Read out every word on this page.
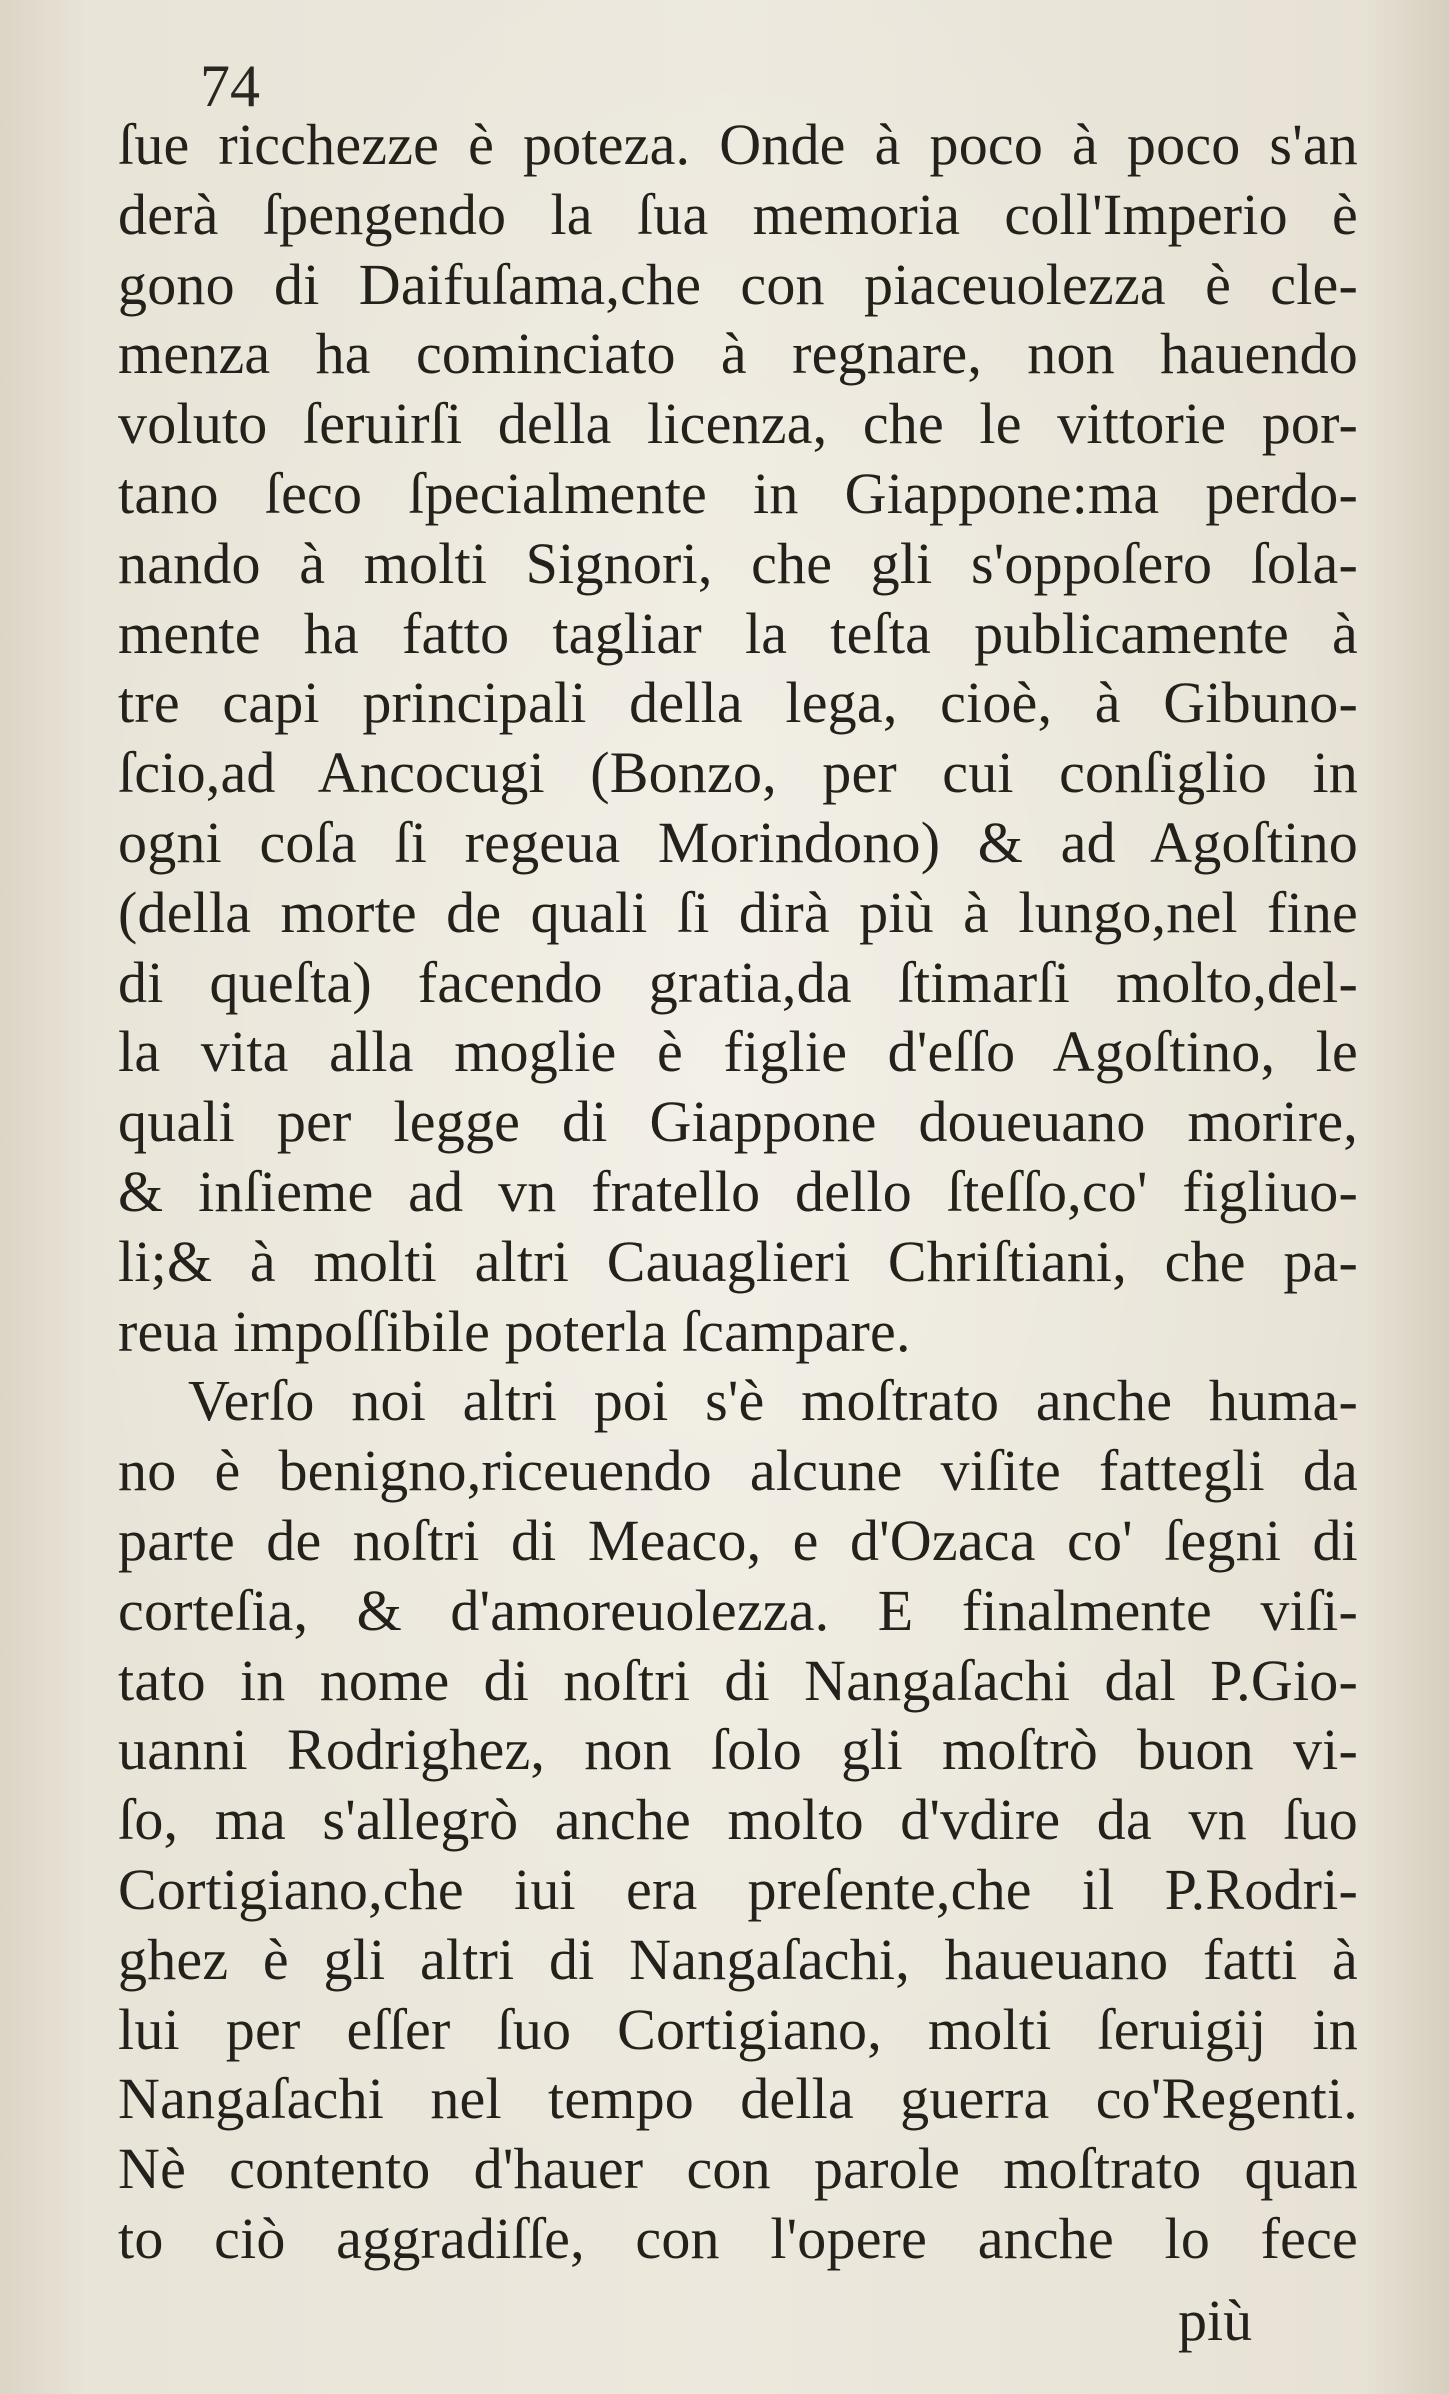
74
ſue ricchezze è poteza. Onde à poco à poco s'an
derà ſpengendo la ſua memoria coll'Imperio è
gono di Daifuſama,che con piaceuolezza è cle-
menza ha cominciato à regnare, non hauendo
voluto ſeruirſi della licenza, che le vittorie por-
tano ſeco ſpecialmente in Giappone:ma perdo-
nando à molti Signori, che gli s'oppoſero ſola-
mente ha fatto tagliar la teſta publicamente à
tre capi principali della lega, cioè, à Gibuno-
ſcio,ad Ancocugi (Bonzo, per cui conſiglio in
ogni coſa ſi regeua Morindono) & ad Agoſtino
(della morte de quali ſi dirà più à lungo,nel fine
di queſta) facendo gratia,da ſtimarſi molto,del-
la vita alla moglie è figlie d'eſſo Agoſtino, le
quali per legge di Giappone doueuano morire,
& inſieme ad vn fratello dello ſteſſo,co' figliuo-
li;& à molti altri Cauaglieri Chriſtiani, che pa-
reua impoſſibile poterla ſcampare.
Verſo noi altri poi s'è moſtrato anche huma-
no è benigno,riceuendo alcune viſite fattegli da
parte de noſtri di Meaco, e d'Ozaca co' ſegni di
corteſia, & d'amoreuolezza. E finalmente viſi-
tato in nome di noſtri di Nangaſachi dal P.Gio-
uanni Rodrighez, non ſolo gli moſtrò buon vi-
ſo, ma s'allegrò anche molto d'vdire da vn ſuo
Cortigiano,che iui era preſente,che il P.Rodri-
ghez è gli altri di Nangaſachi, haueuano fatti à
lui per eſſer ſuo Cortigiano, molti ſeruigij in
Nangaſachi nel tempo della guerra co'Regenti.
Nè contento d'hauer con parole moſtrato quan
to ciò aggradiſſe, con l'opere anche lo fece
più
